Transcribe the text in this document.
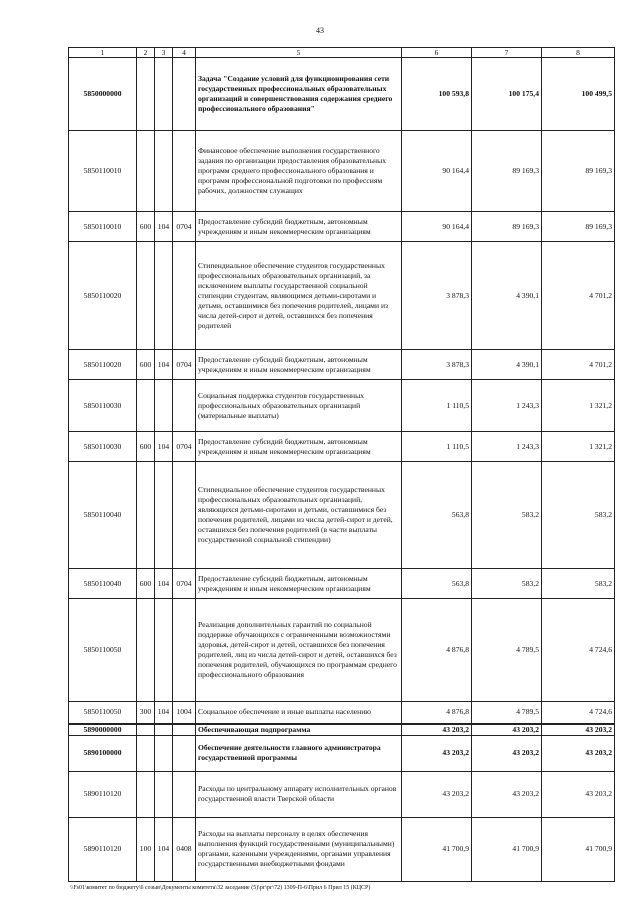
43
1	2	3	4	5	6	7	8
5850000000				Задача "Создание условий для функционирования сети государственных профессиональных образовательных организаций и совершенствования содержания среднего профессионального образования"	100 593,8	100 175,4	100 499,5
5850110010				Финансовое обеспечение выполнения государственного задания по организации предоставления образовательных программ среднего профессионального образования и программ профессиональной подготовки по профессиям рабочих, должностям служащих	90 164,4	89 169,3	89 169,3
5850110010	600	104	0704	Предоставление субсидий бюджетным, автономным учреждениям и иным некоммерческим организациям	90 164,4	89 169,3	89 169,3
5850110020				Стипендиальное обеспечение студентов государственных профессиональных образовательных организаций, за исключением выплаты государственной социальной стипендии студентам, являющимся детьми-сиротами и детьми, оставшимися без попечения родителей, лицами из числа детей-сирот и детей, оставшихся без попечения родителей	3 878,3	4 390,1	4 701,2
5850110020	600	104	0704	Предоставление субсидий бюджетным, автономным учреждениям и иным некоммерческим организациям	3 878,3	4 390,1	4 701,2
5850110030				Социальная поддержка студентов государственных профессиональных образовательных организаций (материальные выплаты)	1 110,5	1 243,3	1 321,2
5850110030	600	104	0704	Предоставление субсидий бюджетным, автономным учреждениям и иным некоммерческим организациям	1 110,5	1 243,3	1 321,2
5850110040				Стипендиальное обеспечение студентов государственных профессиональных образовательных организаций, являющихся детьми-сиротами и детьми, оставшимися без попечения родителей, лицами из числа детей-сирот и детей, оставшихся без попечения родителей (в части выплаты государственной социальной стипендии)	563,8	583,2	583,2
5850110040	600	104	0704	Предоставление субсидий бюджетным, автономным учреждениям и иным некоммерческим организациям	563,8	583,2	583,2
5850110050				Реализация дополнительных гарантий по социальной поддержке обучающихся с ограниченными возможностями здоровья, детей-сирот и детей, оставшихся без попечения родителей, лиц из числа детей-сирот и детей, оставшихся без попечения родителей, обучающихся по программам среднего профессионального образования	4 876,8	4 789,5	4 724,6
5850110050	300	104	1004	Социальное обеспечение и иные выплаты населению	4 876,8	4 789,5	4 724,6
5890000000				Обеспечивающая подпрограмма	43 203,2	43 203,2	43 203,2
5890100000				Обеспечение деятельности главного администратора государственной программы	43 203,2	43 203,2	43 203,2
5890110120				Расходы по центральному аппарату исполнительных органов государственной власти Тверской области	43 203,2	43 203,2	43 203,2
5890110120	100	104	0408	Расходы на выплаты персоналу в целях обеспечения выполнения функций государственными (муниципальными) органами, казенными учреждениями, органами управления государственными внебюджетными фондами	41 700,9	41 700,9	41 700,9
\\Fs01\комитет по бюджету\6 созыв\Документы комитета\32 заседание (5)\рг\рг\72) 1309-П-6\Прил 6 Прил 15 (КЦСР)
